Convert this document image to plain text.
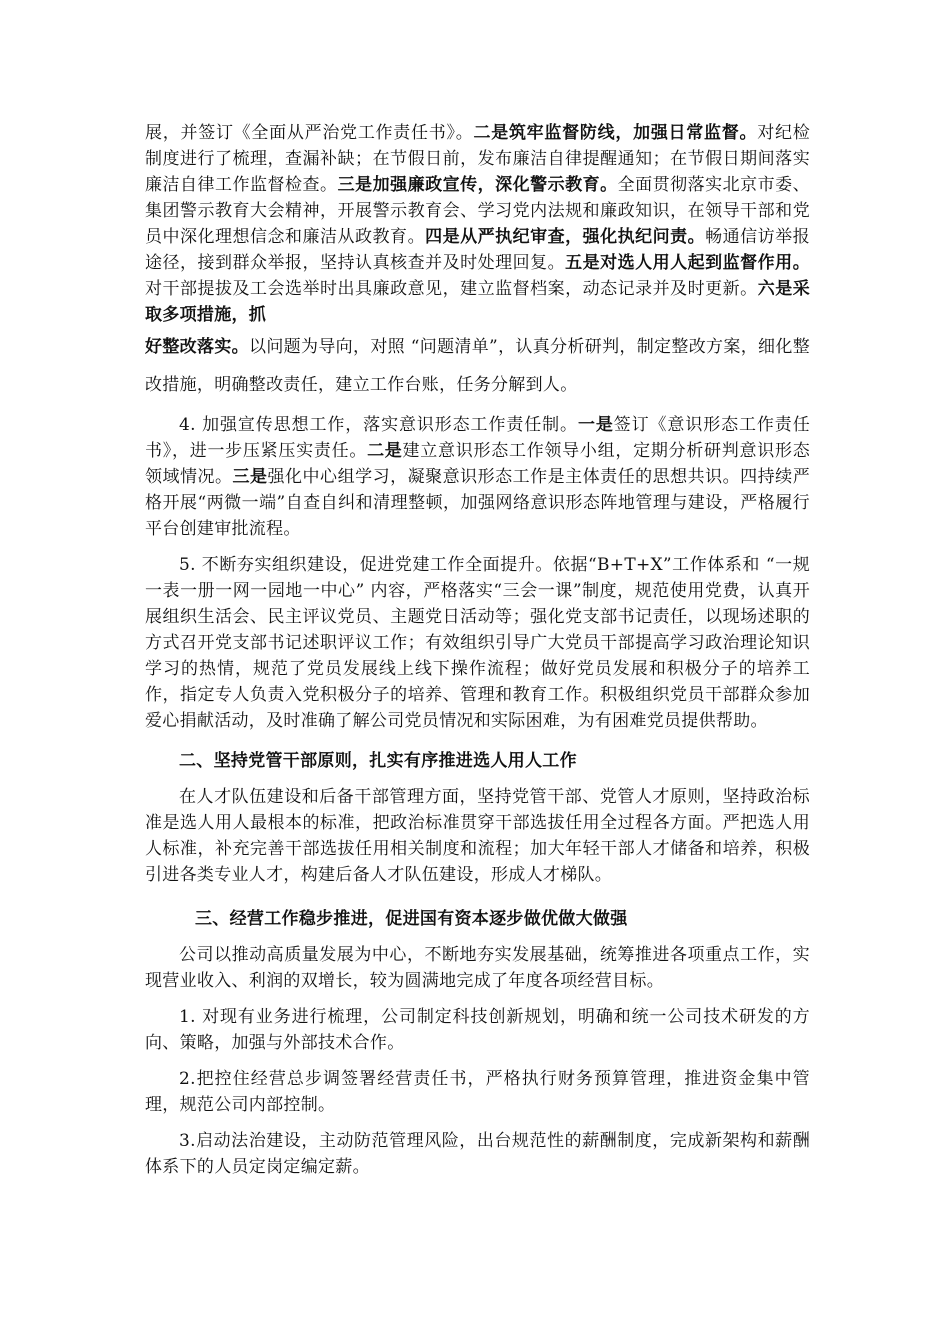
展，并签订《全面从严治党工作责任书》。二是筑牢监督防线，加强日常监督。对纪检制度进行了梳理，查漏补缺；在节假日前，发布廉洁自律提醒通知；在节假日期间落实廉洁自律工作监督检查。三是加强廉政宣传，深化警示教育。全面贯彻落实北京市委、集团警示教育大会精神，开展警示教育会、学习党内法规和廉政知识，在领导干部和党员中深化理想信念和廉洁从政教育。四是从严执纪审查，强化执纪问责。畅通信访举报途径，接到群众举报，坚持认真核查并及时处理回复。五是对选人用人起到监督作用。对干部提拔及工会选举时出具廉政意见，建立监督档案，动态记录并及时更新。六是采取多项措施，抓

好整改落实。以问题为导向，对照 “问题清单”，认真分析研判，制定整改方案，细化整改措施，明确整改责任，建立工作台账，任务分解到人。

4. 加强宣传思想工作，落实意识形态工作责任制。一是签订《意识形态工作责任书》，进一步压紧压实责任。二是建立意识形态工作领导小组，定期分析研判意识形态领域情况。三是强化中心组学习，凝聚意识形态工作是主体责任的思想共识。四持续严格开展“两微一端”自查自纠和清理整顿，加强网络意识形态阵地管理与建设，严格履行平台创建审批流程。

5. 不断夯实组织建设，促进党建工作全面提升。依据“B+T+X”工作体系和 “一规一表一册一网一园地一中心” 内容，严格落实“三会一课”制度，规范使用党费，认真开展组织生活会、民主评议党员、主题党日活动等；强化党支部书记责任，以现场述职的方式召开党支部书记述职评议工作；有效组织引导广大党员干部提高学习政治理论知识学习的热情，规范了党员发展线上线下操作流程；做好党员发展和积极分子的培养工作，指定专人负责入党积极分子的培养、管理和教育工作。积极组织党员干部群众参加爱心捐献活动，及时准确了解公司党员情况和实际困难，为有困难党员提供帮助。

二、坚持党管干部原则，扎实有序推进选人用人工作

在人才队伍建设和后备干部管理方面，坚持党管干部、党管人才原则，坚持政治标准是选人用人最根本的标准，把政治标准贯穿干部选拔任用全过程各方面。严把选人用人标准，补充完善干部选拔任用相关制度和流程；加大年轻干部人才储备和培养，积极引进各类专业人才，构建后备人才队伍建设，形成人才梯队。

三、经营工作稳步推进，促进国有资本逐步做优做大做强

公司以推动高质量发展为中心，不断地夯实发展基础，统筹推进各项重点工作，实现营业收入、利润的双增长，较为圆满地完成了年度各项经营目标。

1. 对现有业务进行梳理，公司制定科技创新规划，明确和统一公司技术研发的方向、策略，加强与外部技术合作。

2.把控住经营总步调签署经营责任书，严格执行财务预算管理，推进资金集中管理，规范公司内部控制。

3.启动法治建设，主动防范管理风险，出台规范性的薪酬制度，完成新架构和薪酬体系下的人员定岗定编定薪。
